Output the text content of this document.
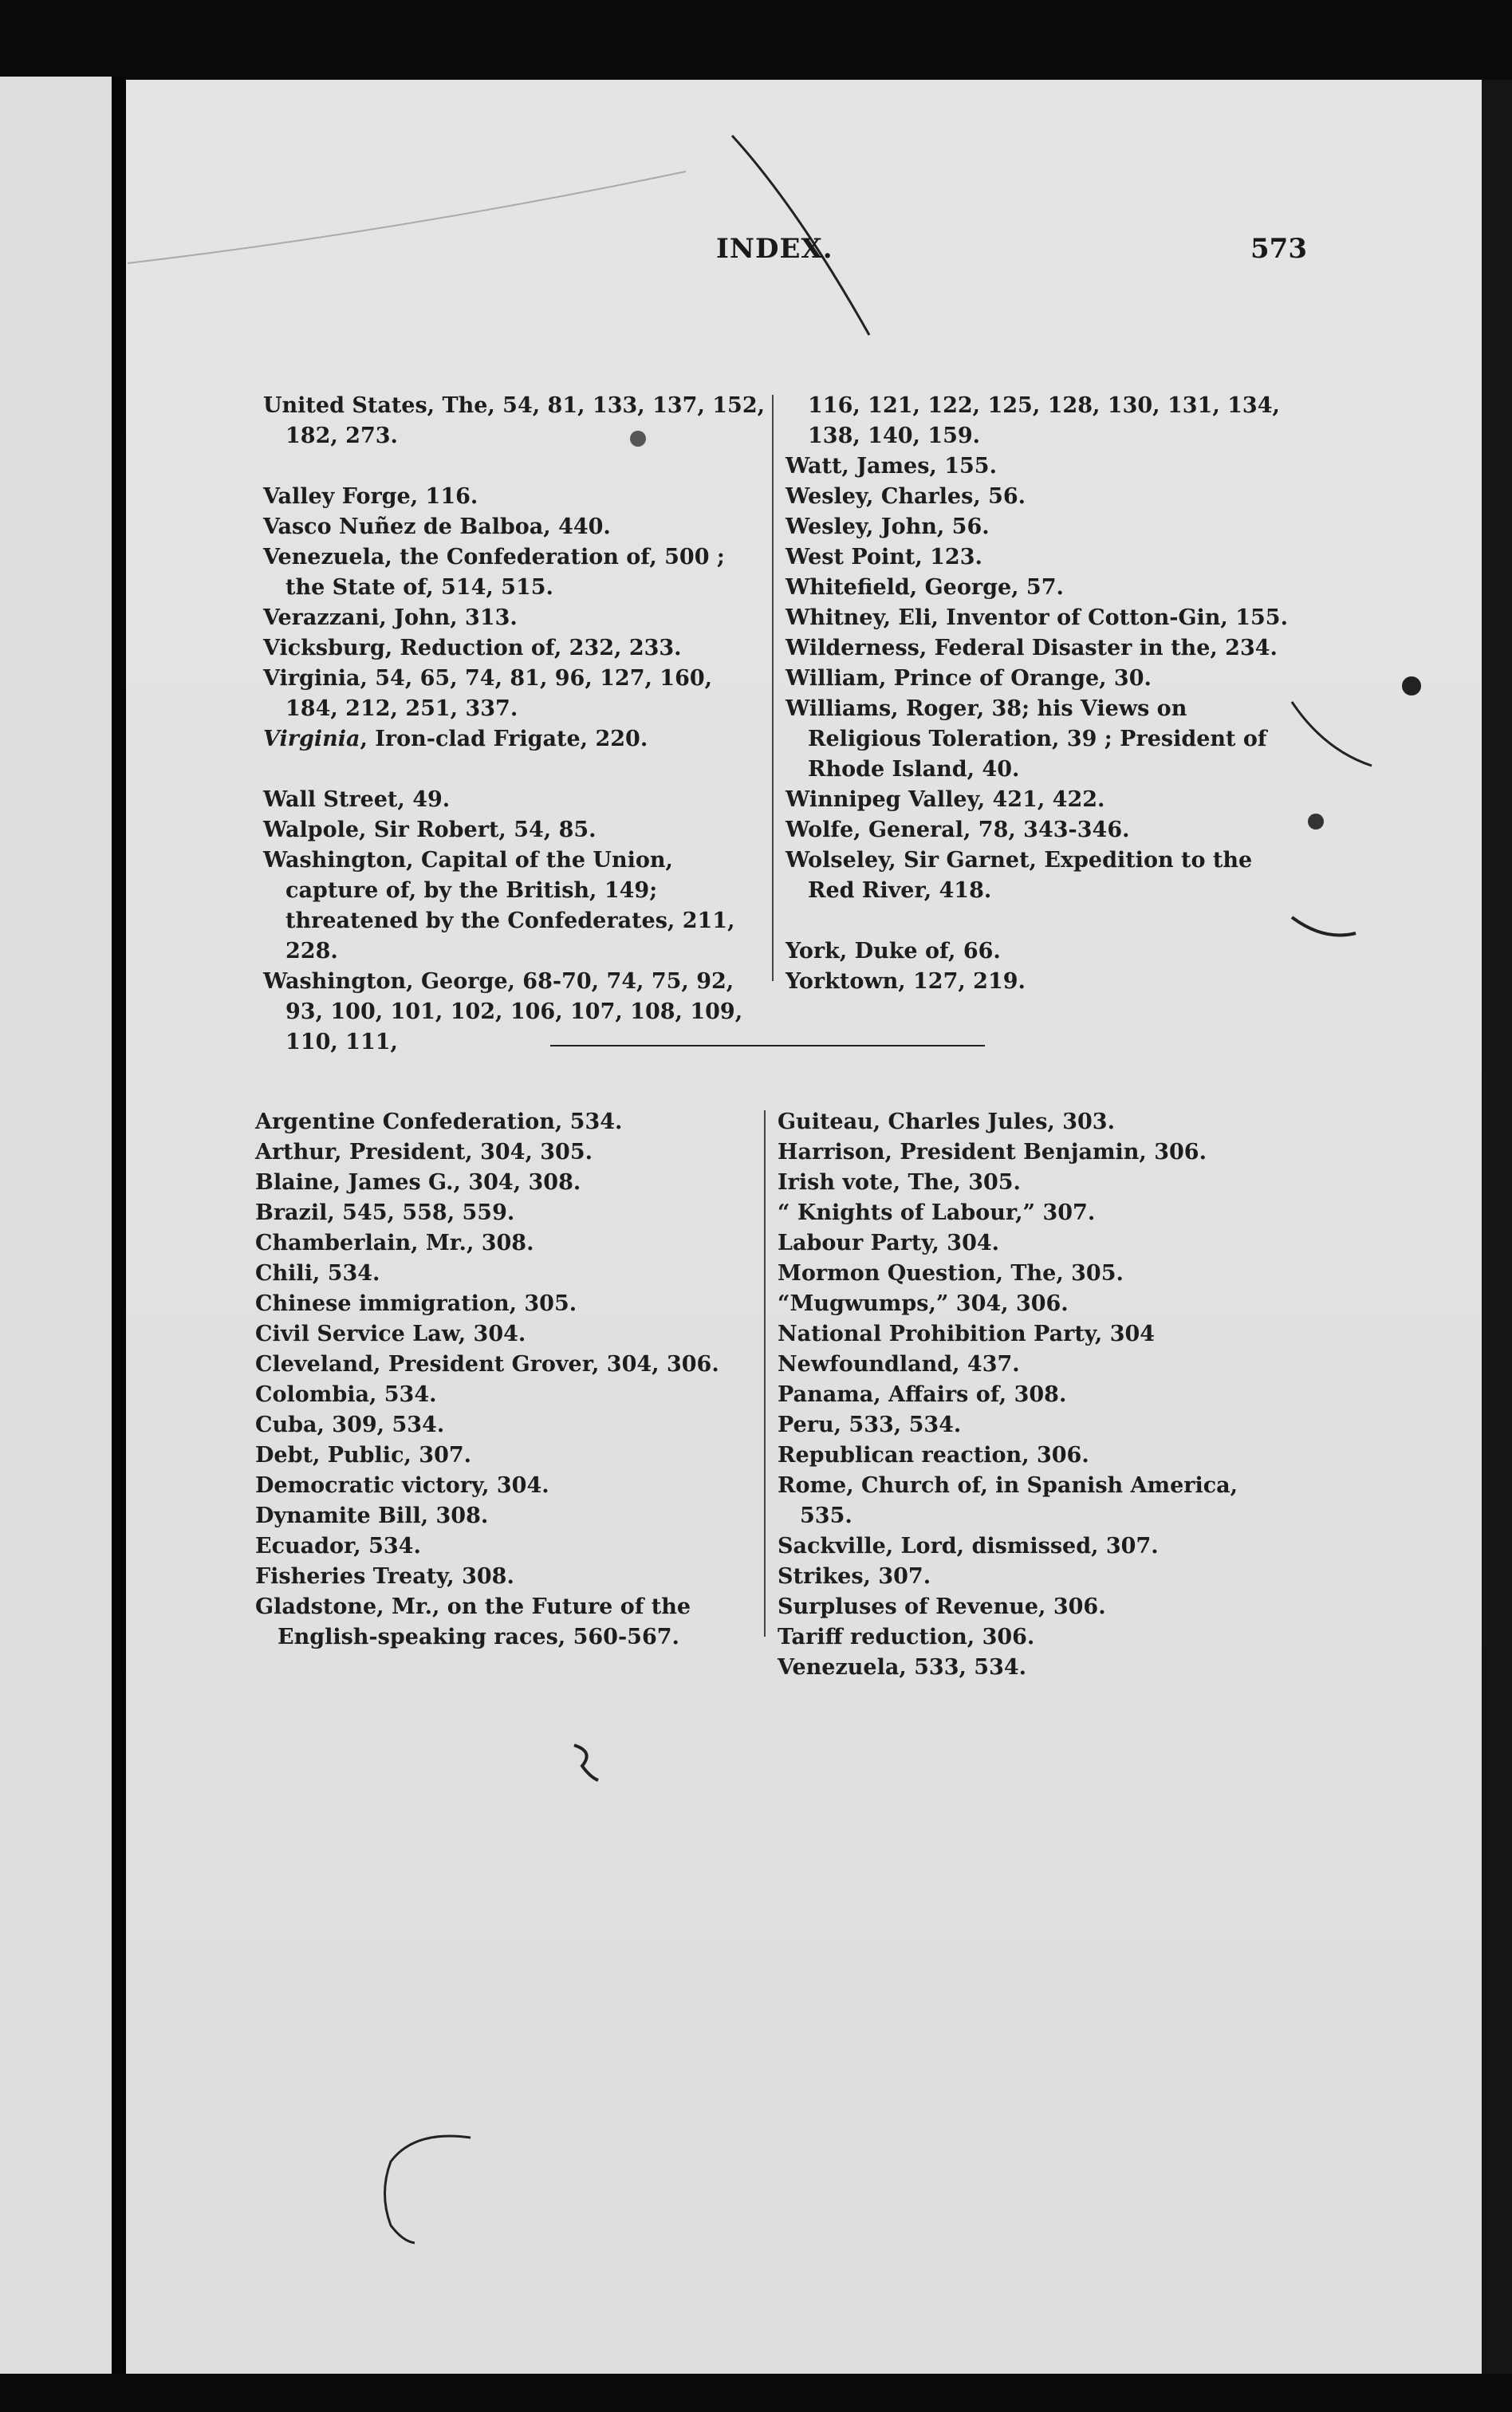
INDEX.	573

United States, The, 54, 81, 133, 137, 152, 182, 273.

Valley Forge, 116.

Vasco Nuñez de Balboa, 440.

Venezuela, the Confederation of, 500 ; the State of, 514, 515.

Verazzani, John, 313.

Vicksburg, Reduction of, 232, 233.

Virginia, 54, 65, 74, 81, 96, 127, 160, 184, 212, 251, 337.

Virginia, Iron-clad Frigate, 220.

Wall Street, 49.

Walpole, Sir Robert, 54, 85.

Washington, Capital of the Union, capture of, by the British, 149; threatened by the Confederates, 211, 228.

Washington, George, 68-70, 74, 75, 92, 93, 100, 101, 102, 106, 107, 108, 109, 110, 111,

116, 121, 122, 125, 128, 130, 131, 134, 138, 140, 159.

Watt, James, 155.

Wesley, Charles, 56.

Wesley, John, 56.

West Point, 123.

Whitefield, George, 57.

Whitney, Eli, Inventor of Cotton-Gin, 155.

Wilderness, Federal Disaster in the, 234.

William, Prince of Orange, 30.

Williams, Roger, 38; his Views on Religious Toleration, 39 ; President of Rhode Island, 40.

Winnipeg Valley, 421, 422.

Wolfe, General, 78, 343-346.

Wolseley, Sir Garnet, Expedition to the Red River, 418.

York, Duke of, 66.

Yorktown, 127, 219.

Argentine Confederation, 534.

Arthur, President, 304, 305.

Blaine, James G., 304, 308.

Brazil, 545, 558, 559.

Chamberlain, Mr., 308.

Chili, 534.

Chinese immigration, 305.

Civil Service Law, 304.

Cleveland, President Grover, 304, 306.

Colombia, 534.

Cuba, 309, 534.

Debt, Public, 307.

Democratic victory, 304.

Dynamite Bill, 308.

Ecuador, 534.

Fisheries Treaty, 308.

Gladstone, Mr., on the Future of the English-speaking races, 560-567.

Guiteau, Charles Jules, 303.

Harrison, President Benjamin, 306.

Irish vote, The, 305.

“ Knights of Labour,” 307.

Labour Party, 304.

Mormon Question, The, 305.

“Mugwumps,” 304, 306.

National Prohibition Party, 304

Newfoundland, 437.

Panama, Affairs of, 308.

Peru, 533, 534.

Republican reaction, 306.

Rome, Church of, in Spanish America, 535.

Sackville, Lord, dismissed, 307.

Strikes, 307.

Surpluses of Revenue, 306.

Tariff reduction, 306.

Venezuela, 533, 534.
